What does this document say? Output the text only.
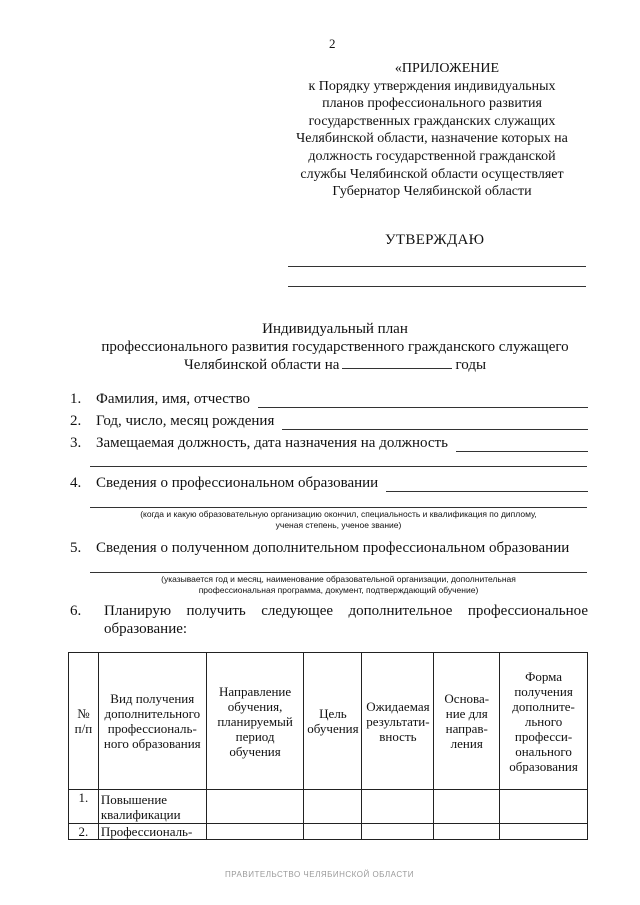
2
«ПРИЛОЖЕНИЕ
к Порядку утверждения индивидуальных
планов профессионального развития
государственных гражданских служащих
Челябинской области, назначение которых на
должность государственной гражданской
службы Челябинской области осуществляет
Губернатор Челябинской области
УТВЕРЖДАЮ
Индивидуальный план
профессионального развития государственного гражданского служащего
Челябинской области на	годы
1. Фамилия, имя, отчество
2. Год, число, месяц рождения
3. Замещаемая должность, дата назначения на должность
4. Сведения о профессиональном образовании
(когда и какую образовательную организацию окончил, специальность и квалификация по диплому,
ученая степень, ученое звание)
5. Сведения о полученном дополнительном профессиональном образовании
(указывается год и месяц, наименование образовательной организации, дополнительная
профессиональная программа, документ, подтверждающий обучение)
6. Планирую получить следующее дополнительное профессиональное
образование:
№ п/п	Вид получения дополнительного профессиональ-ного образования	Направление обучения, планируемый период обучения	Цель обучения	Ожидаемая результати-вность	Основа-ние для направ-ления	Форма получения дополните-льного професси-онального образования
1.	Повышение квалификации					
2.	Профессиональ-					
ПРАВИТЕЛЬСТВО ЧЕЛЯБИНСКОЙ ОБЛАСТИ
